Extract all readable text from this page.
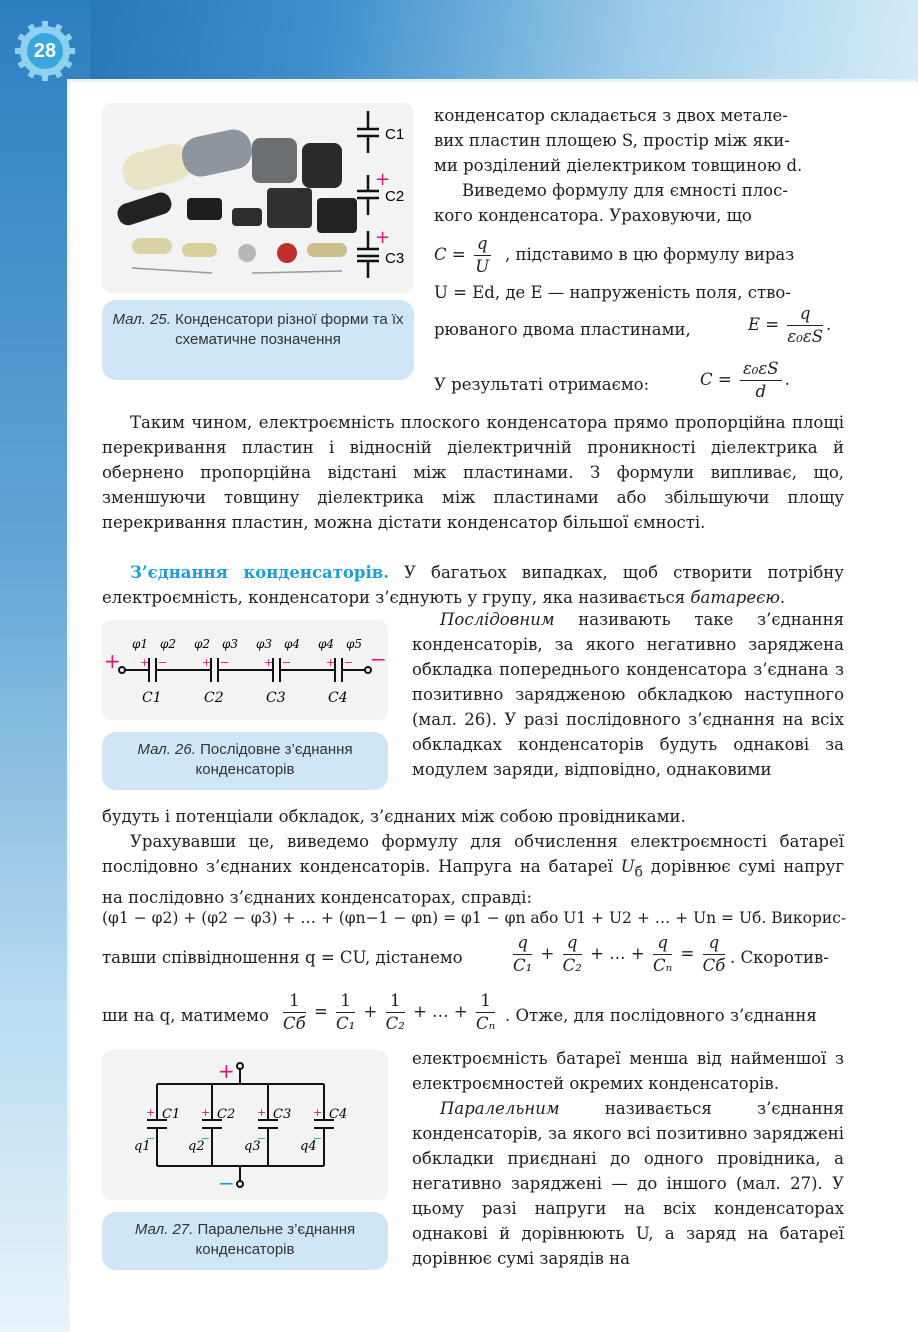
28
+
+
C1
C2
C3
Мал. 25. Конденсатори різної форми та їх схематичне позначення
конденсатор складається з двох метале-
вих пластин площею S, простір між яки-
ми розділений діелектриком товщиною d.
Виведемо формулу для ємності плос-
кого конденсатора. Ураховуючи, що
$C = \frac{q}{U}$ , підставимо в цю формулу вираз
U = Ed, де E — напруженість поля, ство-
рюваного двома пластинами,	$E = \frac{q}{\text{ε₀εS}}$ .
У результаті отримаємо:	$C = \frac{\text{ε₀εS}}{d}$ .
Таким чином, електроємність плоского конденсатора прямо пропорційна площі перекривання пластин і відносній діелектричній проникності діелектрика й обернено пропорційна відстані між пластинами. З формули випливає, що, зменшуючи товщину діелектрика між пластинами або збільшуючи площу перекривання пластин, можна дістати конденсатор більшої ємності.
З’єднання конденсаторів. У багатьох випадках, щоб створити потрібну електроємність, конденсатори з’єднують у групу, яка називається батареєю.
+	−
+ −	+ −	+ −	+ −
φ1 φ2 φ2 φ3 φ3 φ4 φ4 φ5
C1	C2	C3	C4
Мал. 26. Послідовне з’єднання конденсаторів
Послідовним називають таке з’єднання конденсаторів, за якого негативно заряджена обкладка попереднього конденсатора з’єднана з позитивно зарядженою обкладкою наступного (мал. 26). У разі послідовного з’єднання на всіх обкладках конденсаторів будуть однакові за модулем заряди, відповідно, однаковими
будуть і потенціали обкладок, з’єднаних між собою провідниками.
Урахувавши це, виведемо формулу для обчислення електроємності батареї послідовно з’єднаних конденсаторів. Напруга на батареї $U_б$ дорівнює сумі напруг на послідовно з’єднаних конденсаторах, справді:
(φ1 − φ2) + (φ2 − φ3) + … + (φn−1 − φn) = φ1 − φn або U1 + U2 + … + Un = Uб. Викорис-
тавши співвідношення q = CU, дістанемо	$\frac{q}{\text{C₁}} + \frac{q}{\text{C₂}}$ + … + $\frac{q}{\text{Cₙ}} = \frac{q}{Cб}$ . Скоротив-
ши на q, матимемо $\frac{1}{Cб} = \frac{1}{\text{C₁}} + \frac{1}{\text{C₂}}$ + … + $\frac{1}{\text{Cₙ}}$ . Отже, для послідовного з’єднання
+
−
+	+	+	+
−	−	−	−
C1	C2	C3	C4
q1	q2	q3	q4
Мал. 27. Паралельне з’єднання конденсаторів
електроємність батареї менша від найменшої з електроємностей окремих конденсаторів.
Паралельним	називається з’єднання конденсаторів, за якого всі позитивно заряджені обкладки приєднані до одного провідника, а негативно заряджені — до іншого (мал. 27). У цьому разі напруги на всіх конденсаторах однакові й дорівнюють U, а заряд на батареї дорівнює сумі зарядів на
